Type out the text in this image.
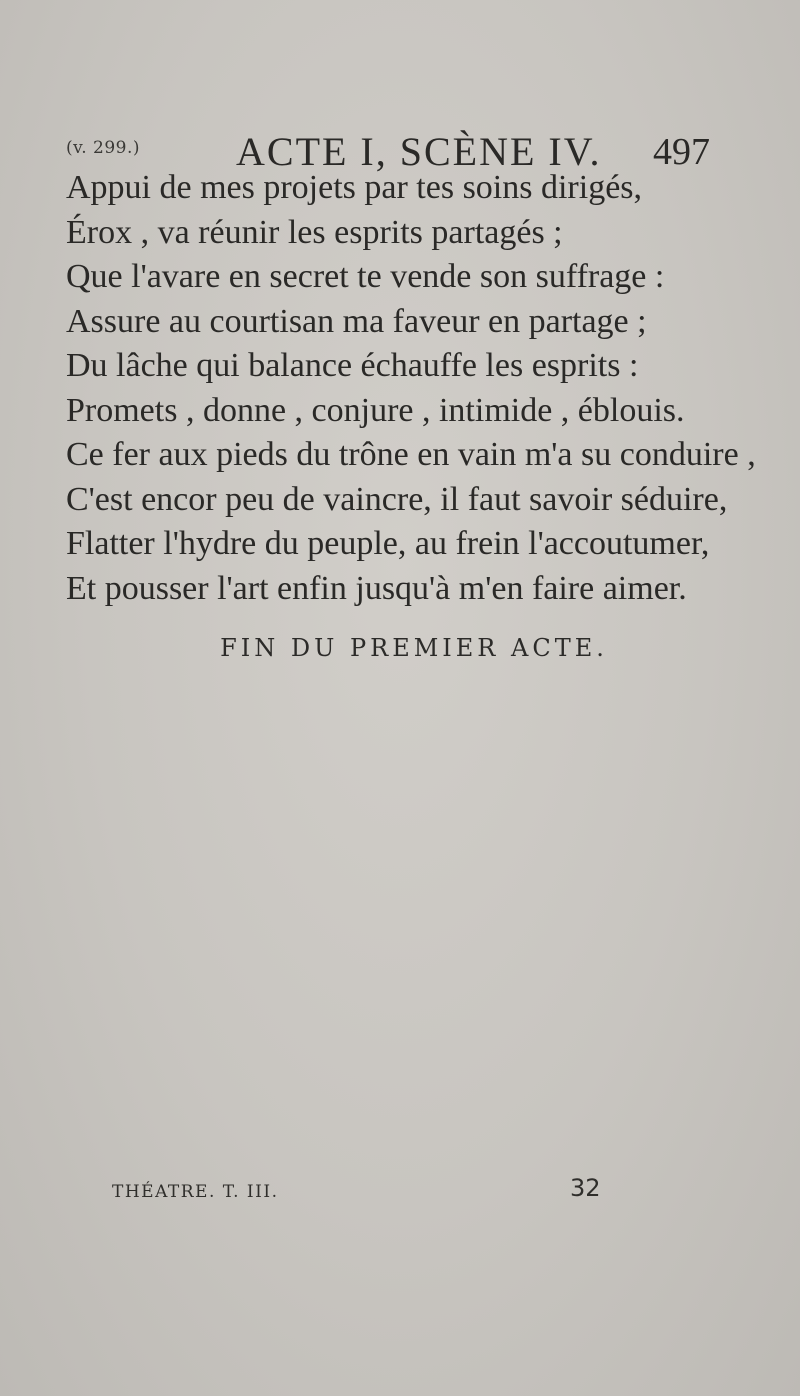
(v. 299.) ACTE I, SCÈNE IV. 497
Appui de mes projets par tes soins dirigés,
Érox , va réunir les esprits partagés ;
Que l'avare en secret te vende son suffrage :
Assure au courtisan ma faveur en partage ;
Du lâche qui balance échauffe les esprits :
Promets , donne , conjure , intimide , éblouis.
Ce fer aux pieds du trône en vain m'a su conduire ,
C'est encor peu de vaincre, il faut savoir séduire,
Flatter l'hydre du peuple, au frein l'accoutumer,
Et pousser l'art enfin jusqu'à m'en faire aimer.
FIN DU PREMIER ACTE.
THÉATRE. T. III.	32
